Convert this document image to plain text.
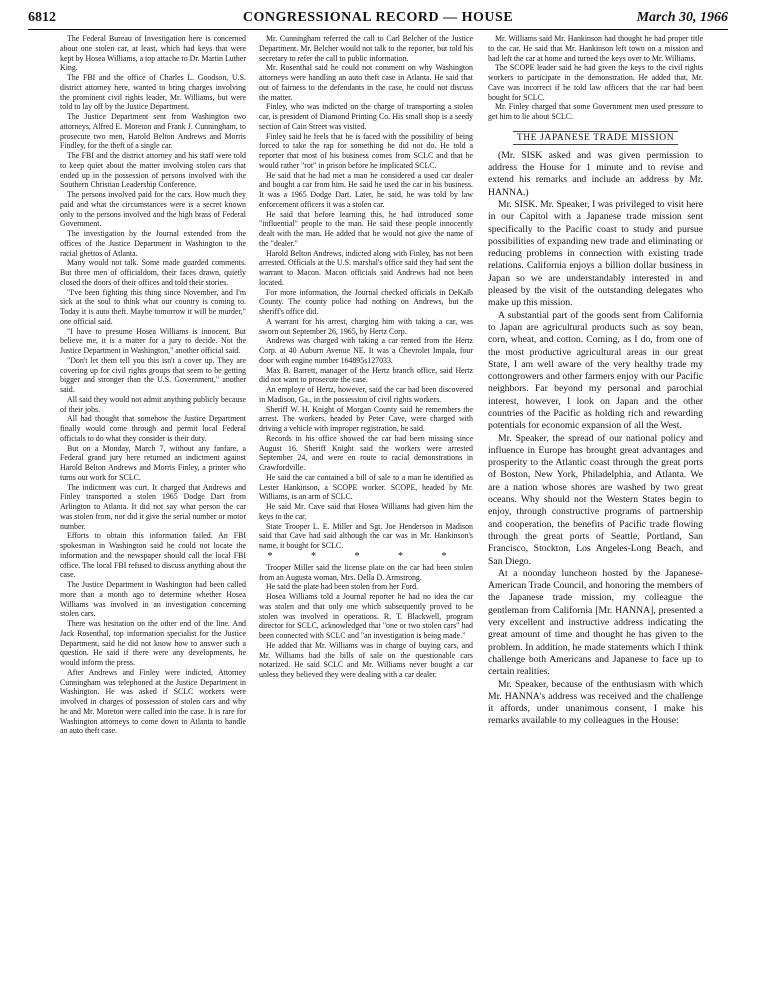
6812	CONGRESSIONAL RECORD — HOUSE	March 30, 1966

The Federal Bureau of Investigation here is concerned about one stolen car, at least, which had keys that were kept by Hosea Williams, a top attache to Dr. Martin Luther King.

The FBI and the office of Charles L. Goodson, U.S. district attorney here, wanted to bring charges involving the prominent civil rights leader, Mr. Williams, but were told to lay off by the Justice Department.

The Justice Department sent from Washington two attorneys, Alfred E. Moreton and Frank J. Cunningham, to prosecute two men, Harold Belton Andrews and Morris Findley, for the theft of a single car.

The FBI and the district attorney and his staff were told to keep quiet about the matter involving stolen cars that ended up in the possession of persons involved with the Southern Christian Leadership Conference.

The persons involved paid for the cars. How much they paid and what the circumstances were is a secret known only to the persons involved and the high brass of Federal Government.

The investigation by the Journal extended from the offices of the Justice Department in Washington to the racial ghettos of Atlanta.

Many would not talk. Some made guarded comments. But three men of officialdom, their faces drawn, quietly closed the doors of their offices and told their stories.

"I've been fighting this thing since November, and I'm sick at the soul to think what our country is coming to. Today it is auto theft. Maybe tomorrow it will be murder," one official said.

"I have to presume Hosea Williams is innocent. But believe me, it is a matter for a jury to decide. Not the Justice Department in Washington," another official said.

"Don't let them tell you this isn't a cover up. They are covering up for civil rights groups that seem to be getting bigger and stronger than the U.S. Government," another said.

All said they would not admit anything publicly because of their jobs.

All had thought that somehow the Justice Department finally would come through and permit local Federal officials to do what they consider is their duty.

But on a Monday, March 7, without any fanfare, a Federal grand jury here returned an indictment against Harold Belton Andrews and Morris Finley, a printer who turns out work for SCLC.

The indictment was curt. It charged that Andrews and Finley transported a stolen 1965 Dodge Dart from Arlington to Atlanta. It did not say what person the car was stolen from, nor did it give the serial number or motor number.

Efforts to obtain this information failed. An FBI spokesman in Washington said he could not locate the information and the newspaper should call the local FBI office. The local FBI refused to discuss anything about the case.

The Justice Department in Washington had been called more than a month ago to determine whether Hosea Williams was involved in an investigation concerning stolen cars.

There was hesitation on the other end of the line. And Jack Rosenthal, top information specialist for the Justice Department, said he did not know how to answer such a question. He said if there were any developments, he would inform the press.

After Andrews and Finley were indicted, Attorney Cunningham was telephoned at the Justice Department in Washington. He was asked if SCLC workers were involved in charges of possession of stolen cars and why he and Mr. Moreton were called into the case. It is rare for Washington attorneys to come down to Atlanta to handle an auto theft case.

Mr. Cunningham referred the call to Carl Belcher of the Justice Department. Mr. Belcher would not talk to the reporter, but told his secretary to refer the call to public information.

Mr. Rosenthal said he could not comment on why Washington attorneys were handling an auto theft case in Atlanta. He said that out of fairness to the defendants in the case, he could not discuss the matter.

Finley, who was indicted on the charge of transporting a stolen car, is president of Diamond Printing Co. His small shop is a seedy section of Cain Street was visited.

Finley said he feels that he is faced with the possibility of being forced to take the rap for something he did not do. He told a reporter that most of his business comes from SCLC and that he would rather "rot" in prison before he implicated SCLC.

He said that he had met a man he considered a used car dealer and bought a car from him. He said he used the car in his business. It was a 1965 Dodge Dart. Later, he said, he was told by law enforcement officers it was a stolen car.

He said that before learning this, he had introduced some "influential" people to the man. He said these people innocently dealt with the man. He added that he would not give the name of the "dealer."

Harold Belton Andrews, indicted along with Finley, has not been arrested. Officials at the U.S. marshal's office said they had sent the warrant to Macon. Macon officials said Andrews had not been located.

For more information, the Journal checked officials in DeKalb County. The county police had nothing on Andrews, but the sheriff's office did.

A warrant for his arrest, charging him with taking a car, was sworn out September 26, 1965, by Hertz Corp.

Andrews was charged with taking a car rented from the Hertz Corp. at 40 Auburn Avenue NE. It was a Chevrolet Impala, four door with engine number 164895s127033.

Max B. Barrett, manager of the Hertz branch office, said Hertz did not want to prosecute the case.

An employe of Hertz, however, said the car had been discovered in Madison, Ga., in the possession of civil rights workers.

Sheriff W. H. Knight of Morgan County said he remembers the arrest. The workers, headed by Peter Cave, were charged with driving a vehicle with improper registration, he said.

Records in his office showed the car had been missing since August 16. Sheriff Knight said the workers were arrested September 24, and were en route to racial demonstrations in Crawfordville.

He said the car contained a bill of sale to a man he identified as Lester Hankinson, a SCOPE worker. SCOPE, headed by Mr. Williams, is an arm of SCLC.

He said Mr. Cave said that Hosea Williams had given him the keys to the car.

State Trooper L. E. Miller and Sgt. Joe Henderson in Madison said that Cave had said although the car was in Mr. Hankinson's name, it bought for SCLC.

* * * * *

Trooper Miller said the license plate on the car had been stolen from an Augusta woman, Mrs. Della D. Armstrong.

He said the plate had been stolen from her Ford.

Hosea Williams told a Journal reporter he had no idea the car was stolen and that only one which subsequently proved to be stolen was involved in operations. R. T. Blackwell, program director for SCLC, acknowledged that "one or two stolen cars" had been connected with SCLC and "an investigation is being made."

He added that Mr. Williams was in charge of buying cars, and Mr. Williams had the bills of sale on the questionable cars notarized. He said SCLC and Mr. Williams never bought a car unless they believed they were dealing with a car dealer.

Mr. Williams said Mr. Hankinson had thought he had proper title to the car. He said that Mr. Hankinson left town on a mission and had left the car at home and turned the keys over to Mr. Williams.

The SCOPE leader said he had given the keys to the civil rights workers to participate in the demonstration. He added that, Mr. Cave was incorrect if he told law officers that the car had been bought for SCLC.

Mr. Finley charged that some Government men used pressure to get him to lie about SCLC.

THE JAPANESE TRADE MISSION

(Mr. SISK asked and was given permission to address the House for 1 minute and to revise and extend his remarks and include an address by Mr. HANNA.)

Mr. SISK. Mr. Speaker, I was privileged to visit here in our Capitol with a Japanese trade mission sent specifically to the Pacific coast to study and pursue possibilities of expanding new trade and eliminating or reducing problems in connection with existing trade relations. California enjoys a billion dollar business in Japan so we are understandably interested in and pleased by the visit of the outstanding delegates who make up this mission.

A substantial part of the goods sent from California to Japan are agricultural products such as soy bean, corn, wheat, and cotton. Coming, as I do, from one of the most productive agricultural areas in our great State, I am well aware of the very healthy trade my cottongrowers and other farmers enjoy with our Pacific neighbors. Far beyond my personal and parochial interest, however, I look on Japan and the other countries of the Pacific as holding rich and rewarding potentials for economic expansion of all the West.

Mr. Speaker, the spread of our national policy and influence in Europe has brought great advantages and prosperity to the Atlantic coast through the great ports of Boston, New York, Philadelphia, and Atlanta. We are a nation whose shores are washed by two great oceans. Why should not the Western States begin to enjoy, through constructive programs of partnership and cooperation, the benefits of Pacific trade flowing through the great ports of Seattle, Portland, San Francisco, Stockton, Los Angeles-Long Beach, and San Diego.

At a noonday luncheon hosted by the Japanese-American Trade Council, and honoring the members of the Japanese trade mission, my colleague the gentleman from California [Mr. HANNA], presented a very excellent and instructive address indicating the great amount of time and thought he has given to the problem. In addition, he made statements which I think challenge both Americans and Japanese to face up to certain realities.

Mr. Speaker, because of the enthusiasm with which Mr. HANNA's address was received and the challenge it affords, under unanimous consent, I make his remarks available to my colleagues in the House:
